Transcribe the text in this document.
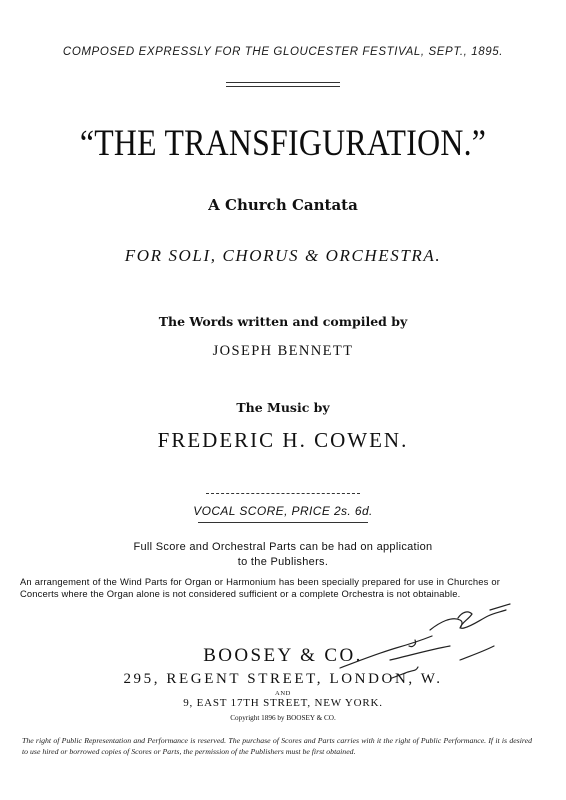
COMPOSED EXPRESSLY FOR THE GLOUCESTER FESTIVAL, SEPT., 1895.
“THE TRANSFIGURATION.”
A Church Cantata
FOR SOLI, CHORUS & ORCHESTRA.
The Words written and compiled by
JOSEPH BENNETT
The Music by
FREDERIC H. COWEN.
VOCAL SCORE, PRICE 2s. 6d.
Full Score and Orchestral Parts can be had on application
to the Publishers.
An arrangement of the Wind Parts for Organ or Harmonium has been specially prepared for use in Churches or Concerts where the Organ alone is not considered sufficient or a complete Orchestra is not obtainable.
BOOSEY & CO.
295, REGENT STREET, LONDON, W.
AND
9, EAST 17TH STREET, NEW YORK.
Copyright 1896 by BOOSEY & CO.
The right of Public Representation and Performance is reserved. The purchase of Scores and Parts carries with it the right of Public Performance. If it is desired to use hired or borrowed copies of Scores or Parts, the permission of the Publishers must be first obtained.
